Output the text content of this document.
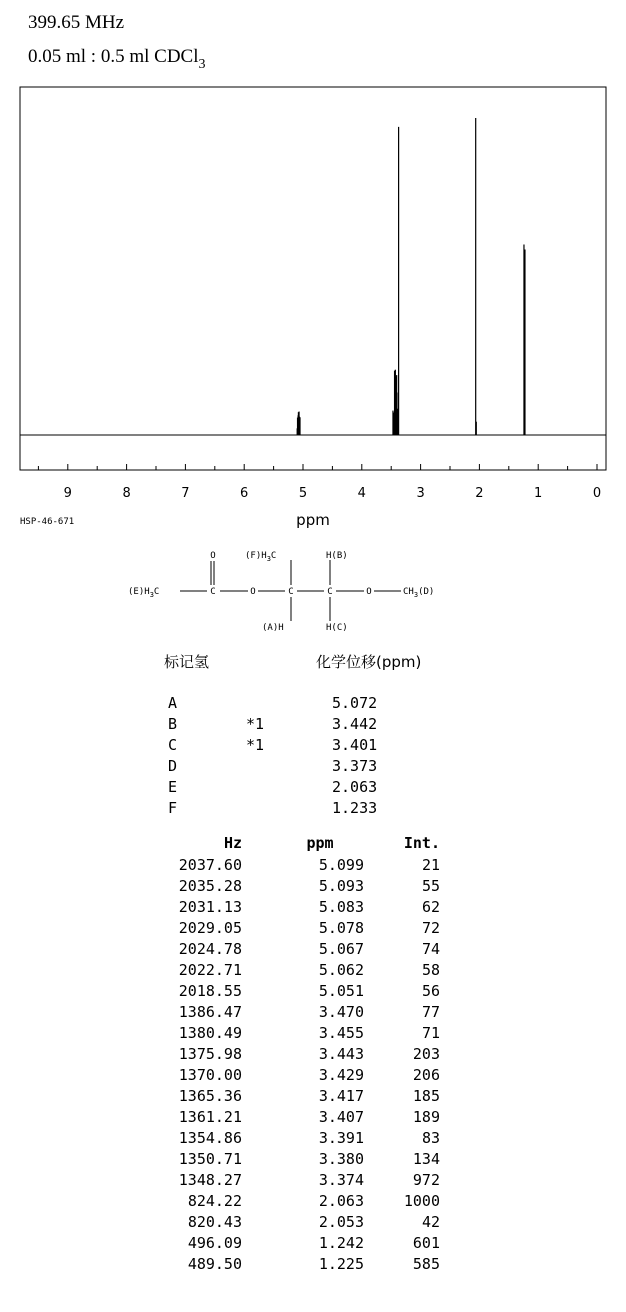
399.65 MHz
0.05 ml : 0.5 ml CDCl$_3$
9	8	7	6	5	4	3	2	1	0
ppm
HSP-46-671
O	$(F)H_3C$	H(B)
$(E)H_3C$	C	O	C	C	O	$CH_3(D)$
(A)H	H(C)
标记氢	化学位移(ppm)
A		5.072
B	*1	3.442
C	*1	3.401
D		3.373
E		2.063
F		1.233
Hz	ppm	Int.
2037.60	5.099	21
2035.28	5.093	55
2031.13	5.083	62
2029.05	5.078	72
2024.78	5.067	74
2022.71	5.062	58
2018.55	5.051	56
1386.47	3.470	77
1380.49	3.455	71
1375.98	3.443	203
1370.00	3.429	206
1365.36	3.417	185
1361.21	3.407	189
1354.86	3.391	83
1350.71	3.380	134
1348.27	3.374	972
824.22	2.063	1000
820.43	2.053	42
496.09	1.242	601
489.50	1.225	585
